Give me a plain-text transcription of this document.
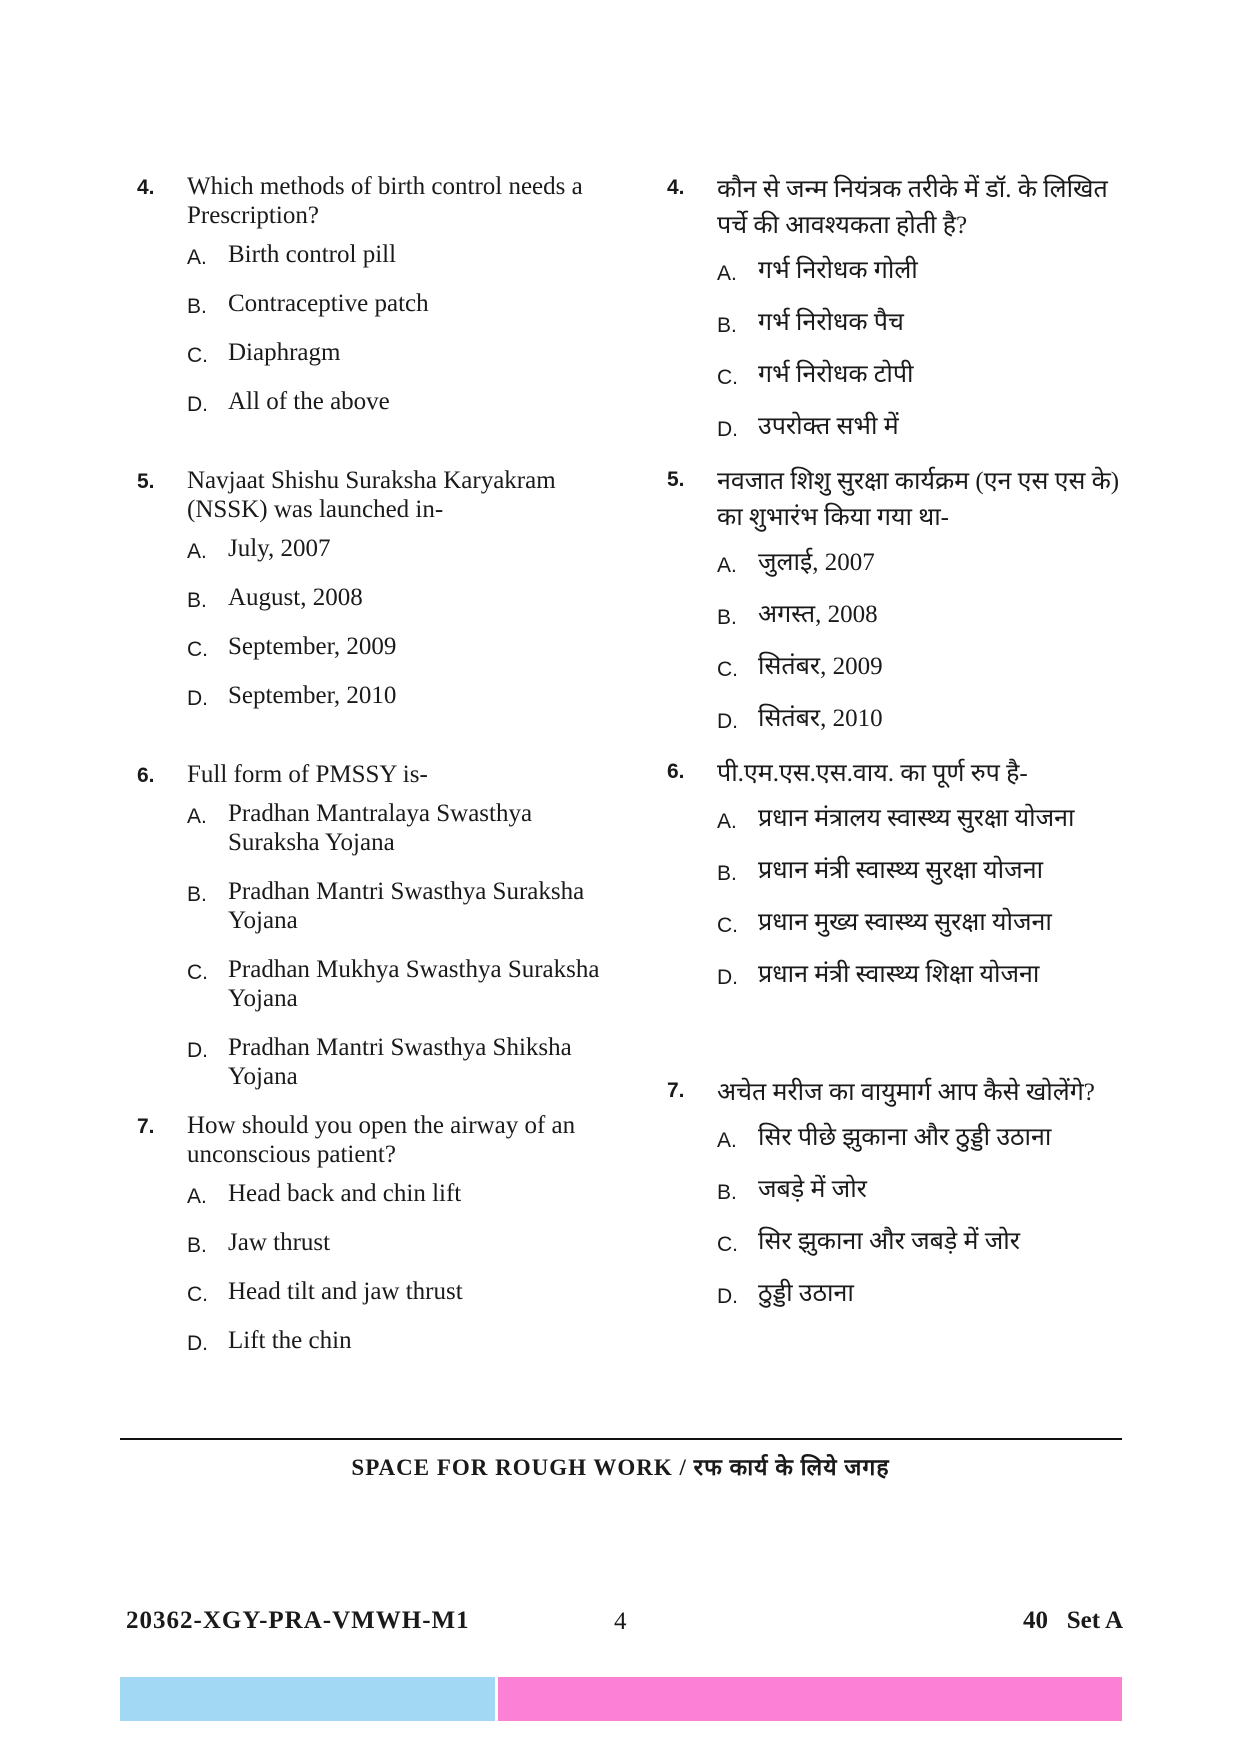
4. Which methods of birth control needs a Prescription?
A. Birth control pill
B. Contraceptive patch
C. Diaphragm
D. All of the above
5. Navjaat Shishu Suraksha Karyakram (NSSK) was launched in-
A. July, 2007
B. August, 2008
C. September, 2009
D. September, 2010
6. Full form of PMSSY is-
A. Pradhan Mantralaya Swasthya Suraksha Yojana
B. Pradhan Mantri Swasthya Suraksha Yojana
C. Pradhan Mukhya Swasthya Suraksha Yojana
D. Pradhan Mantri Swasthya Shiksha Yojana
7. How should you open the airway of an unconscious patient?
A. Head back and chin lift
B. Jaw thrust
C. Head tilt and jaw thrust
D. Lift the chin
4. कौन से जन्म नियंत्रक तरीके में डॉ. के लिखित पर्चे की आवश्यकता होती है?
A. गर्भ निरोधक गोली
B. गर्भ निरोधक पैच
C. गर्भ निरोधक टोपी
D. उपरोक्त सभी में
5. नवजात शिशु सुरक्षा कार्यक्रम (एन एस एस के) का शुभारंभ किया गया था-
A. जुलाई, 2007
B. अगस्त, 2008
C. सितंबर, 2009
D. सितंबर, 2010
6. पी.एम.एस.एस.वाय. का पूर्ण रुप है-
A. प्रधान मंत्रालय स्वास्थ्य सुरक्षा योजना
B. प्रधान मंत्री स्वास्थ्य सुरक्षा योजना
C. प्रधान मुख्य स्वास्थ्य सुरक्षा योजना
D. प्रधान मंत्री स्वास्थ्य शिक्षा योजना
7. अचेत मरीज का वायुमार्ग आप कैसे खोलेंगे?
A. सिर पीछे झुकाना और ठुड्डी उठाना
B. जबड़े में जोर
C. सिर झुकाना और जबड़े में जोर
D. ठुड्डी उठाना
SPACE FOR ROUGH WORK / रफ कार्य के लिये जगह
20362-XGY-PRA-VMWH-M1	4	40   Set A
